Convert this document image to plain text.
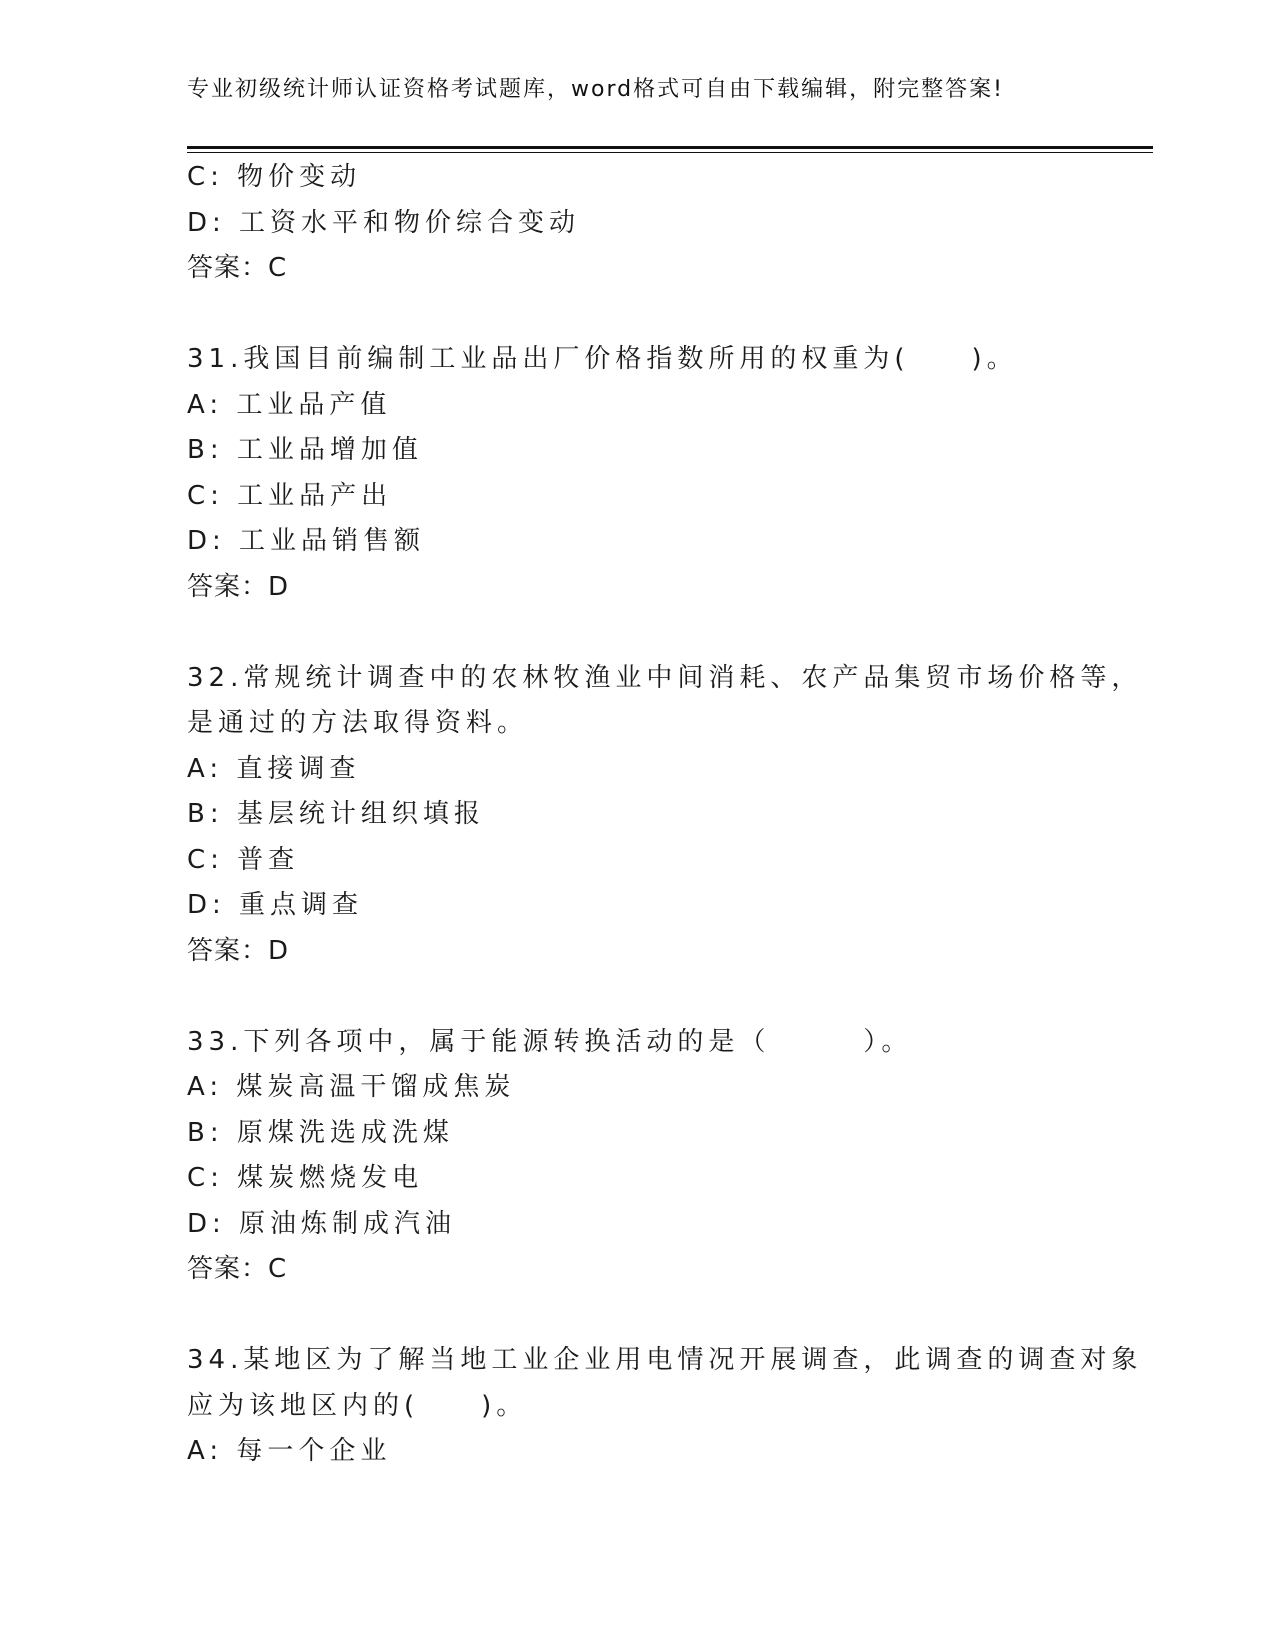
专业初级统计师认证资格考试题库，word格式可自由下载编辑，附完整答案!
C: 物价变动
D: 工资水平和物价综合变动
答案：C
31.我国目前编制工业品出厂价格指数所用的权重为(　　)。
A: 工业品产值
B: 工业品增加值
C: 工业品产出
D: 工业品销售额
答案：D
32.常规统计调查中的农林牧渔业中间消耗、农产品集贸市场价格等，
是通过的方法取得资料。
A: 直接调查
B: 基层统计组织填报
C: 普查
D: 重点调查
答案：D
33.下列各项中，属于能源转换活动的是（　　　）。
A: 煤炭高温干馏成焦炭
B: 原煤洗选成洗煤
C: 煤炭燃烧发电
D: 原油炼制成汽油
答案：C
34.某地区为了解当地工业企业用电情况开展调查，此调查的调查对象
应为该地区内的(　　)。
A: 每一个企业
